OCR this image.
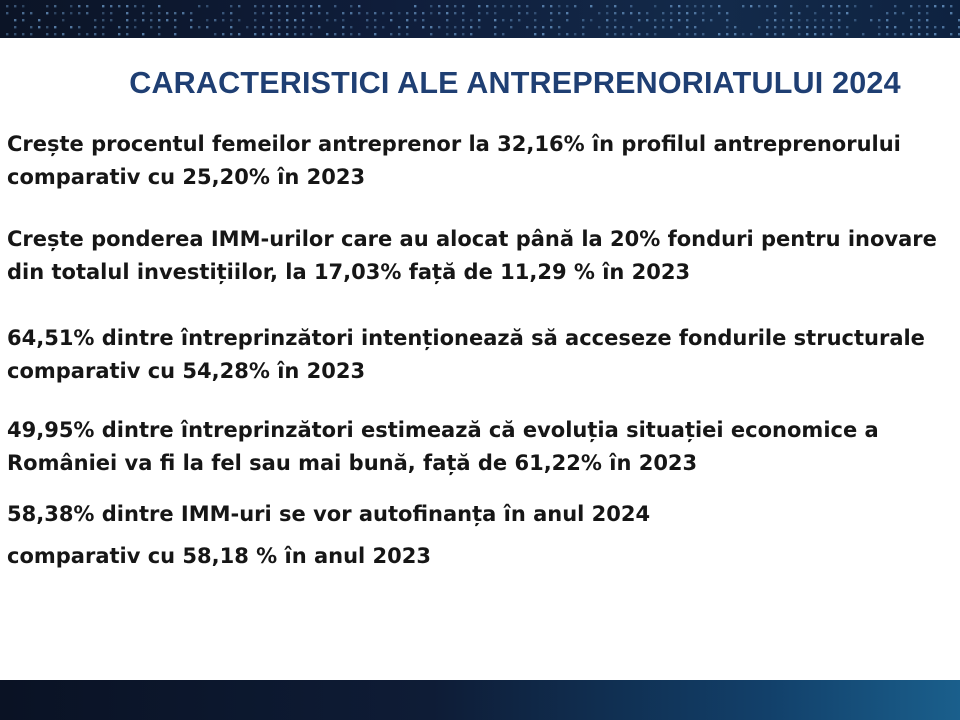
CARACTERISTICI ALE ANTREPRENORIATULUI 2024
Crește procentul femeilor antreprenor la 32,16% în profilul antreprenorului
comparativ cu 25,20% în 2023
Crește ponderea IMM-urilor care au alocat până la 20% fonduri pentru inovare
din totalul investițiilor, la 17,03% față de 11,29 % în 2023
64,51% dintre întreprinzători intenționează să acceseze fondurile structurale
comparativ cu 54,28% în 2023
49,95% dintre întreprinzători estimează că evoluția situației economice a
României va fi la fel sau mai bună, față de 61,22% în 2023
58,38% dintre IMM-uri se vor autofinanța în anul 2024
comparativ cu 58,18 % în anul 2023
